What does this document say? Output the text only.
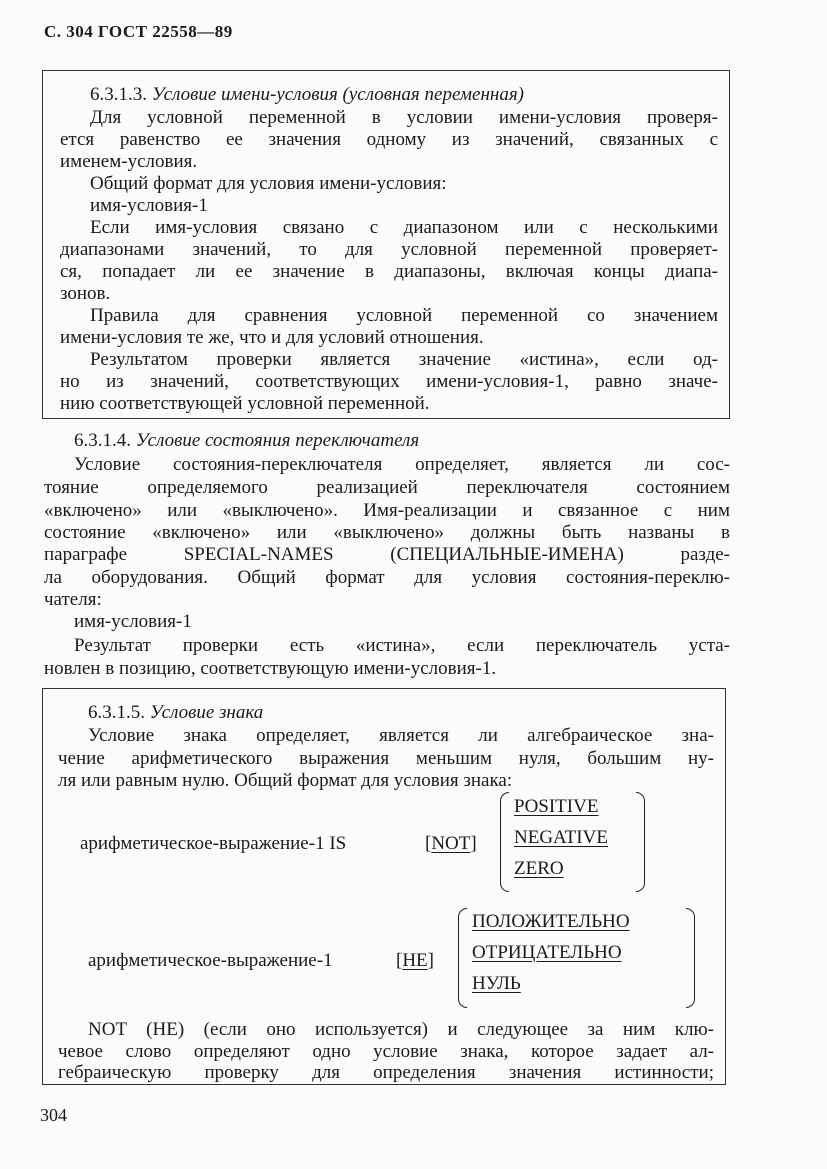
С. 304 ГОСТ 22558—89
6.3.1.3. Условие имени-условия (условная переменная)
Для условной переменной в условии имени-условия проверя-
ется равенство ее значения одному из значений, связанных с
именем-условия.
Общий формат для условия имени-условия:
имя-условия-1
Если имя-условия связано с диапазоном или с несколькими
диапазонами значений, то для условной переменной проверяет-
ся, попадает ли ее значение в диапазоны, включая концы диапа-
зонов.
Правила для сравнения условной переменной со значением
имени-условия те же, что и для условий отношения.
Результатом проверки является значение «истина», если од-
но из значений, соответствующих имени-условия-1, равно значе-
нию соответствующей условной переменной.
6.3.1.4. Условие состояния переключателя
Условие состояния-переключателя определяет, является ли сос-
тояние определяемого реализацией переключателя состоянием
«включено» или «выключено». Имя-реализации и связанное с ним
состояние «включено» или «выключено» должны быть названы в
параграфе SPECIAL-NAMES (СПЕЦИАЛЬНЫЕ-ИМЕНА) разде-
ла оборудования. Общий формат для условия состояния-переклю-
чателя:
имя-условия-1
Результат проверки есть «истина», если переключатель уста-
новлен в позицию, соответствующую имени-условия-1.
6.3.1.5. Условие знака
Условие знака определяет, является ли алгебраическое зна-
чение арифметического выражения меньшим нуля, большим ну-
ля или равным нулю. Общий формат для условия знака:
арифметическое-выражение-1 IS	[NOT]
POSITIVE
NEGATIVE
ZERO
арифметическое-выражение-1	[НЕ]
ПОЛОЖИТЕЛЬНО
ОТРИЦАТЕЛЬНО
НУЛЬ
NOT (НЕ) (если оно используется) и следующее за ним клю-
чевое слово определяют одно условие знака, которое задает ал-
гебраическую проверку для определения значения истинности;
304
